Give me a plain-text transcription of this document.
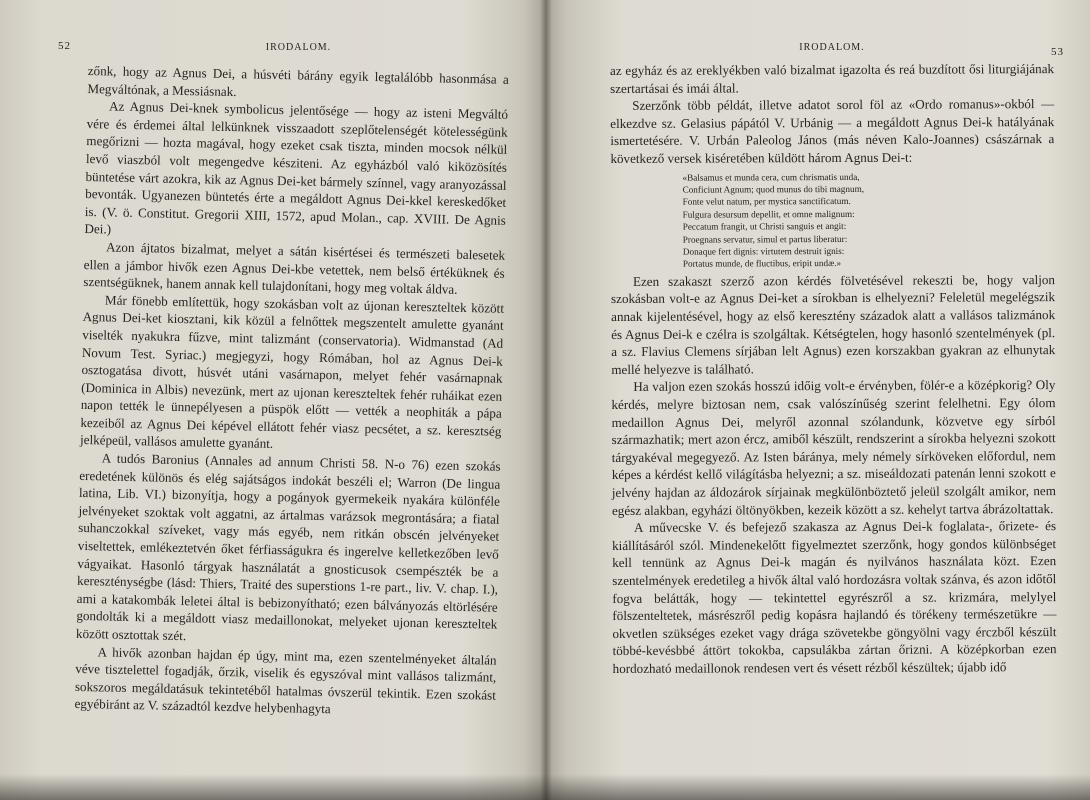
52	IRODALOM.

zőnk, hogy az Agnus Dei, a húsvéti bárány egyik legtalálóbb hasonmása a Megváltónak, a Messiásnak.

Az Agnus Dei-knek symbolicus jelentősége — hogy az isteni Megváltó vére és érdemei által lelkünknek visszaadott szeplőtelenségét kötelességünk megőrizni — hozta magával, hogy ezeket csak tiszta, minden mocsok nélkül levő viaszból volt megengedve késziteni. Az egyházból való kiközösítés büntetése várt azokra, kik az Agnus Dei-ket bármely színnel, vagy aranyozással bevonták. Ugyanezen büntetés érte a megáldott Agnus Dei-kkel kereskedőket is. (V. ö. Constitut. Gregorii XIII, 1572, apud Molan., cap. XVIII. De Agnis Dei.)

Azon ájtatos bizalmat, melyet a sátán kisértései és természeti balesetek ellen a jámbor hivők ezen Agnus Dei-kbe vetettek, nem belső értéküknek és szentségüknek, hanem annak kell tulajdonítani, hogy meg voltak áldva.

Már fönebb említettük, hogy szokásban volt az újonan kereszteltek között Agnus Dei-ket kiosztani, kik közül a felnőttek megszentelt amulette gyanánt viselték nyakukra fűzve, mint talizmánt (conservatoria). Widmanstad (Ad Novum Test. Syriac.) megjegyzi, hogy Rómában, hol az Agnus Dei-k osztogatása divott, húsvét utáni vasárnapon, melyet fehér vasárnapnak (Dominica in Albis) nevezünk, mert az ujonan kereszteltek fehér ruháikat ezen napon tették le ünnepélyesen a püspök előtt — vették a neophiták a pápa kezeiből az Agnus Dei képével ellátott fehér viasz pecsétet, a sz. keresztség jelképeül, vallásos amulette gyanánt.

A tudós Baronius (Annales ad annum Christi 58. N-o 76) ezen szokás eredetének különös és elég sajátságos indokát beszéli el; Warron (De lingua latina, Lib. VI.) bizonyítja, hogy a pogányok gyermekeik nyakára különféle jelvényeket szoktak volt aggatni, az ártalmas varázsok megrontására; a fiatal suhanczokkal szíveket, vagy más egyéb, nem ritkán obscén jelvényeket viseltettek, emlékeztetvén őket férfiasságukra és ingerelve kelletkezőben levő vágyaikat. Hasonló tárgyak használatát a gnosticusok csempészték be a kereszténységbe (lásd: Thiers, Traité des superstions 1-re part., liv. V. chap. I.), ami a katakombák leletei által is bebizonyítható; ezen bálványozás eltörlésére gondolták ki a megáldott viasz medaillonokat, melyeket ujonan kereszteltek között osztottak szét.

A hivők azonban hajdan ép úgy, mint ma, ezen szentelményeket általán véve tisztelettel fogadják, őrzik, viselik és egyszóval mint vallásos talizmánt, sokszoros megáldatásuk tekintetéből hatalmas óvszerül tekintik. Ezen szokást egyébiránt az V. századtól kezdve helybenhagyta

IRODALOM.	53

az egyház és az ereklyékben való bizalmat igazolta és reá buzdított ősi liturgiájának szertartásai és imái által.

Szerzőnk több példát, illetve adatot sorol föl az «Ordo romanus»-okból — elkezdve sz. Gelasius pápától V. Urbánig — a megáldott Agnus Dei-k hatályának ismertetésére. V. Urbán Paleolog János (más néven Kalo-Joannes) császárnak a következő versek kiséretében küldött három Agnus Dei-t:

«Balsamus et munda cera, cum chrismatis unda,
Conficiunt Agnum; quod munus do tibi magnum,
Fonte velut natum, per mystica sanctificatum.
Fulgura desursum depellit, et omne malignum:
Peccatum frangit, ut Christi sanguis et angit:
Proegnans servatur, simul et partus liberatur:
Donaque fert dignis: virtutem destruit ignis:
Portatus munde, de fluctibus, eripit undæ.»

Ezen szakaszt szerző azon kérdés fölvetésével rekeszti be, hogy valjon szokásban volt-e az Agnus Dei-ket a sírokban is elhelyezni? Feleletül megelégszik annak kijelentésével, hogy az első keresztény századok alatt a vallásos talizmánok és Agnus Dei-k e czélra is szolgáltak. Kétségtelen, hogy hasonló szentelmények (pl. a sz. Flavius Clemens sírjában lelt Agnus) ezen korszakban gyakran az elhunytak mellé helyezve is található.

Ha valjon ezen szokás hosszú időig volt-e érvényben, fölér-e a középkorig? Oly kérdés, melyre biztosan nem, csak valószínűség szerint felelhetni. Egy ólom medaillon Agnus Dei, melyről azonnal szólandunk, közvetve egy sírból származhatik; mert azon ércz, amiből készült, rendszerint a sírokba helyezni szokott tárgyakéval megegyező. Az Isten báránya, mely némely sírköveken előfordul, nem képes a kérdést kellő világításba helyezni; a sz. miseáldozati patenán lenni szokott e jelvény hajdan az áldozárok sírjainak megkülönböztető jeleül szolgált amikor, nem egész alakban, egyházi öltönyökben, kezeik között a sz. kehelyt tartva ábrázoltattak.

A művecske V. és befejező szakasza az Agnus Dei-k foglalata-, őrizete- és kiállításáról szól. Mindenekelőtt figyelmeztet szerzőnk, hogy gondos különbséget kell tennünk az Agnus Dei-k magán és nyilvános használata közt. Ezen szentelmények eredetileg a hivők által való hordozásra voltak szánva, és azon időtől fogva belátták, hogy — tekintettel egyrészről a sz. krizmára, melylyel fölszenteltetek, másrészről pedig kopásra hajlandó és törékeny természetükre — okvetlen szükséges ezeket vagy drága szövetekbe göngyölni vagy érczből készült többé-kevésbbé áttört tokokba, capsulákba zártan őrizni. A középkorban ezen hordozható medaillonok rendesen vert és vésett rézből készültek; újabb idő
